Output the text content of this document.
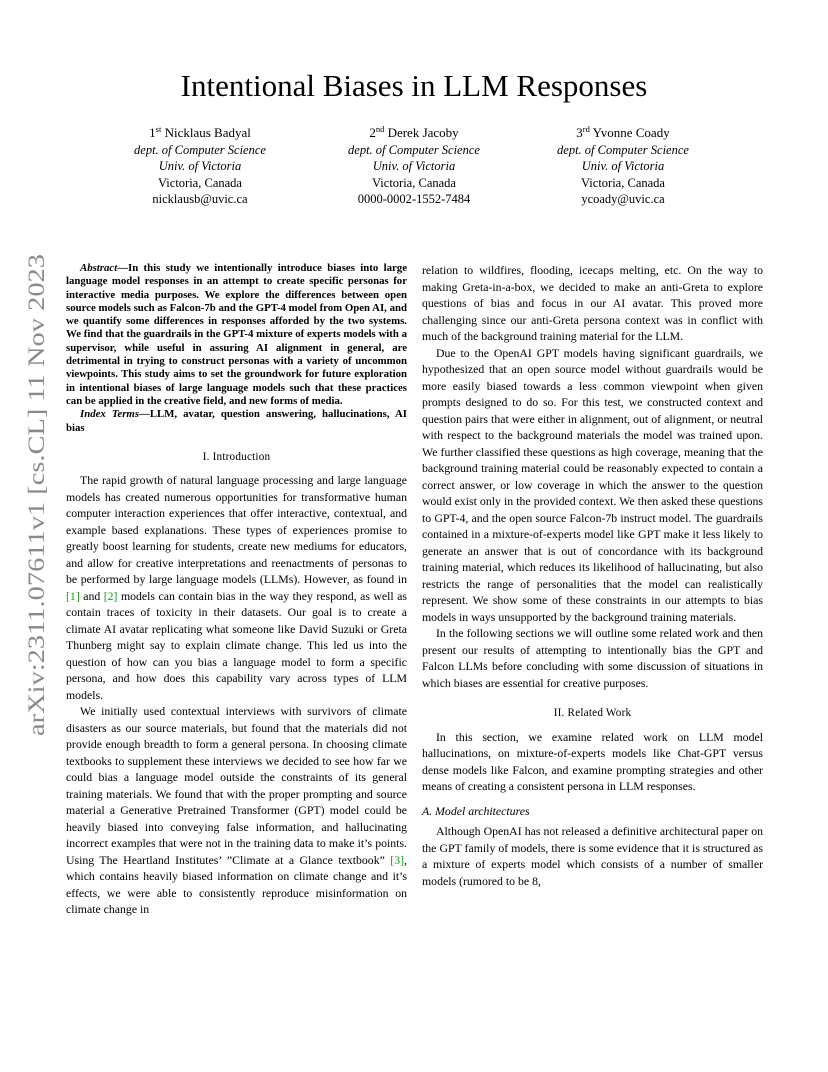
arXiv:2311.07611v1 [cs.CL] 11 Nov 2023
Intentional Biases in LLM Responses
1st Nicklaus Badyal
dept. of Computer Science
Univ. of Victoria
Victoria, Canada
nicklausb@uvic.ca
2nd Derek Jacoby
dept. of Computer Science
Univ. of Victoria
Victoria, Canada
0000-0002-1552-7484
3rd Yvonne Coady
dept. of Computer Science
Univ. of Victoria
Victoria, Canada
ycoady@uvic.ca
Abstract—In this study we intentionally introduce biases into large language model responses in an attempt to create specific personas for interactive media purposes. We explore the differences between open source models such as Falcon-7b and the GPT-4 model from Open AI, and we quantify some differences in responses afforded by the two systems. We find that the guardrails in the GPT-4 mixture of experts models with a supervisor, while useful in assuring AI alignment in general, are detrimental in trying to construct personas with a variety of uncommon viewpoints. This study aims to set the groundwork for future exploration in intentional biases of large language models such that these practices can be applied in the creative field, and new forms of media.
Index Terms—LLM, avatar, question answering, hallucinations, AI bias
I. Introduction

The rapid growth of natural language processing and large language models has created numerous opportunities for transformative human computer interaction experiences that offer interactive, contextual, and example based explanations. These types of experiences promise to greatly boost learning for students, create new mediums for educators, and allow for creative interpretations and reenactments of personas to be performed by large language models (LLMs). However, as found in [1] and [2] models can contain bias in the way they respond, as well as contain traces of toxicity in their datasets. Our goal is to create a climate AI avatar replicating what someone like David Suzuki or Greta Thunberg might say to explain climate change. This led us into the question of how can you bias a language model to form a specific persona, and how does this capability vary across types of LLM models.

We initially used contextual interviews with survivors of climate disasters as our source materials, but found that the materials did not provide enough breadth to form a general persona. In choosing climate textbooks to supplement these interviews we decided to see how far we could bias a language model outside the constraints of its general training materials. We found that with the proper prompting and source material a Generative Pretrained Transformer (GPT) model could be heavily biased into conveying false information, and hallucinating incorrect examples that were not in the training data to make it’s points. Using The Heartland Institutes’ ”Climate at a Glance textbook” [3], which contains heavily biased information on climate change and it’s effects, we were able to consistently reproduce misinformation on climate change in

relation to wildfires, flooding, icecaps melting, etc. On the way to making Greta-in-a-box, we decided to make an anti-Greta to explore questions of bias and focus in our AI avatar. This proved more challenging since our anti-Greta persona context was in conflict with much of the background training material for the LLM.

Due to the OpenAI GPT models having significant guardrails, we hypothesized that an open source model without guardrails would be more easily biased towards a less common viewpoint when given prompts designed to do so. For this test, we constructed context and question pairs that were either in alignment, out of alignment, or neutral with respect to the background materials the model was trained upon. We further classified these questions as high coverage, meaning that the background training material could be reasonably expected to contain a correct answer, or low coverage in which the answer to the question would exist only in the provided context. We then asked these questions to GPT-4, and the open source Falcon-7b instruct model. The guardrails contained in a mixture-of-experts model like GPT make it less likely to generate an answer that is out of concordance with its background training material, which reduces its likelihood of hallucinating, but also restricts the range of personalities that the model can realistically represent. We show some of these constraints in our attempts to bias models in ways unsupported by the background training materials.

In the following sections we will outline some related work and then present our results of attempting to intentionally bias the GPT and Falcon LLMs before concluding with some discussion of situations in which biases are essential for creative purposes.

II. Related Work

In this section, we examine related work on LLM model hallucinations, on mixture-of-experts models like Chat-GPT versus dense models like Falcon, and examine prompting strategies and other means of creating a consistent persona in LLM responses.

A. Model architectures

Although OpenAI has not released a definitive architectural paper on the GPT family of models, there is some evidence that it is structured as a mixture of experts model which consists of a number of smaller models (rumored to be 8,
